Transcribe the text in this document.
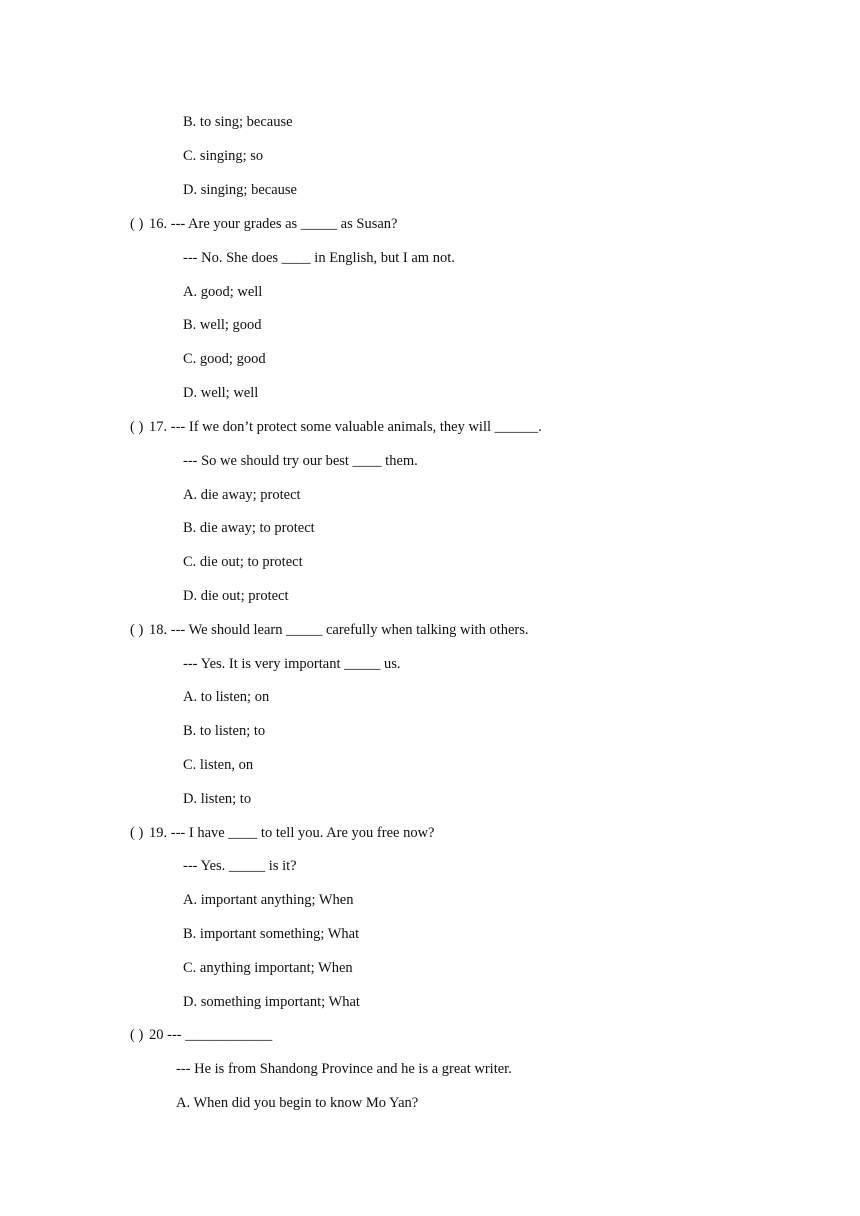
B. to sing; because
C. singing; so
D. singing; because
( ) 16. --- Are your grades as _____ as Susan?
--- No. She does ____ in English, but I am not.
A. good; well
B. well; good
C. good; good
D. well; well
( ) 17. --- If we don’t protect some valuable animals, they will ______.
--- So we should try our best ____ them.
A. die away; protect
B. die away; to protect
C. die out; to protect
D. die out; protect
( ) 18. --- We should learn _____ carefully when talking with others.
--- Yes. It is very important _____ us.
A. to listen; on
B. to listen; to
C. listen, on
D. listen; to
( ) 19. --- I have ____ to tell you. Are you free now?
--- Yes. _____ is it?
A. important anything; When
B. important something; What
C. anything important; When
D. something important; What
( ) 20 --- ____________
--- He is from Shandong Province and he is a great writer.
A. When did you begin to know Mo Yan?
